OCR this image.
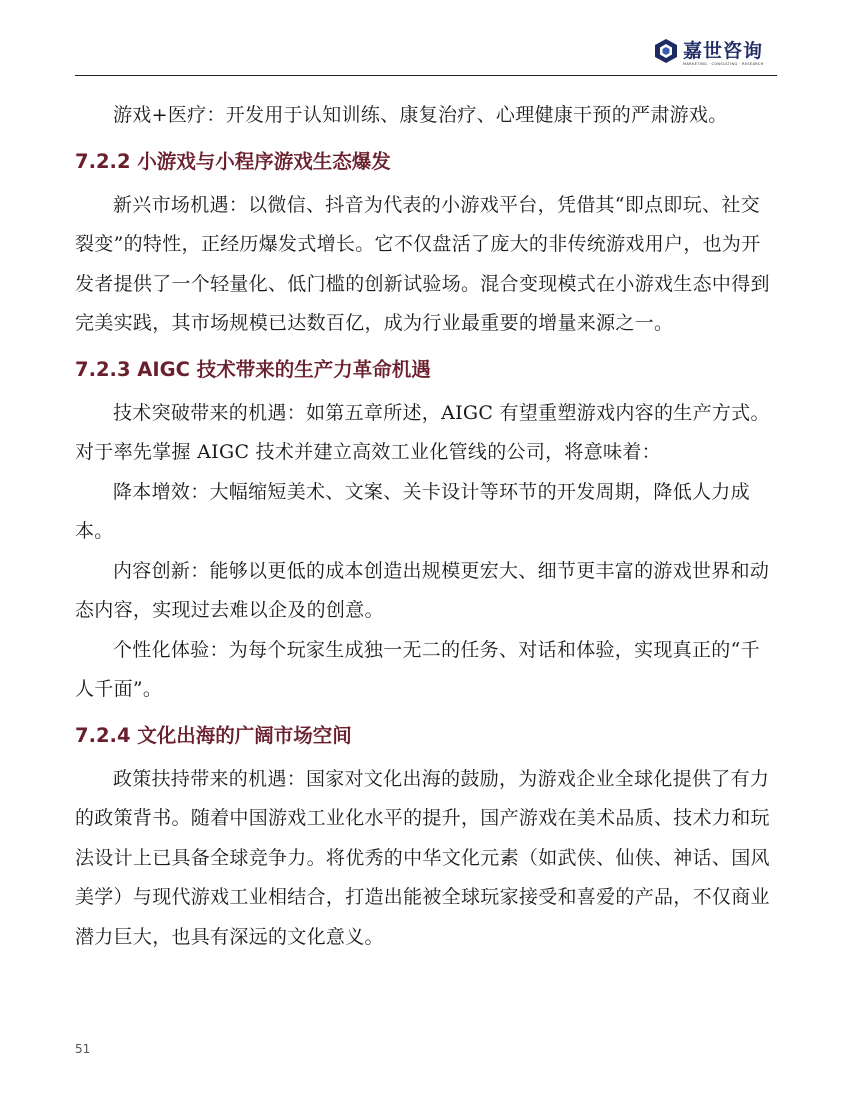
嘉世咨询
MARKETING · CONSULTING · RESEARCH

游戏+医疗：开发用于认知训练、康复治疗、心理健康干预的严肃游戏。

7.2.2 小游戏与小程序游戏生态爆发

新兴市场机遇：以微信、抖音为代表的小游戏平台，凭借其“即点即玩、社交裂变”的特性，正经历爆发式增长。它不仅盘活了庞大的非传统游戏用户，也为开发者提供了一个轻量化、低门槛的创新试验场。混合变现模式在小游戏生态中得到完美实践，其市场规模已达数百亿，成为行业最重要的增量来源之一。

7.2.3 AIGC 技术带来的生产力革命机遇

技术突破带来的机遇：如第五章所述，AIGC 有望重塑游戏内容的生产方式。对于率先掌握 AIGC 技术并建立高效工业化管线的公司，将意味着：

降本增效：大幅缩短美术、文案、关卡设计等环节的开发周期，降低人力成本。

内容创新：能够以更低的成本创造出规模更宏大、细节更丰富的游戏世界和动态内容，实现过去难以企及的创意。

个性化体验：为每个玩家生成独一无二的任务、对话和体验，实现真正的“千人千面”。

7.2.4 文化出海的广阔市场空间

政策扶持带来的机遇：国家对文化出海的鼓励，为游戏企业全球化提供了有力的政策背书。随着中国游戏工业化水平的提升，国产游戏在美术品质、技术力和玩法设计上已具备全球竞争力。将优秀的中华文化元素（如武侠、仙侠、神话、国风美学）与现代游戏工业相结合，打造出能被全球玩家接受和喜爱的产品，不仅商业潜力巨大，也具有深远的文化意义。

51
